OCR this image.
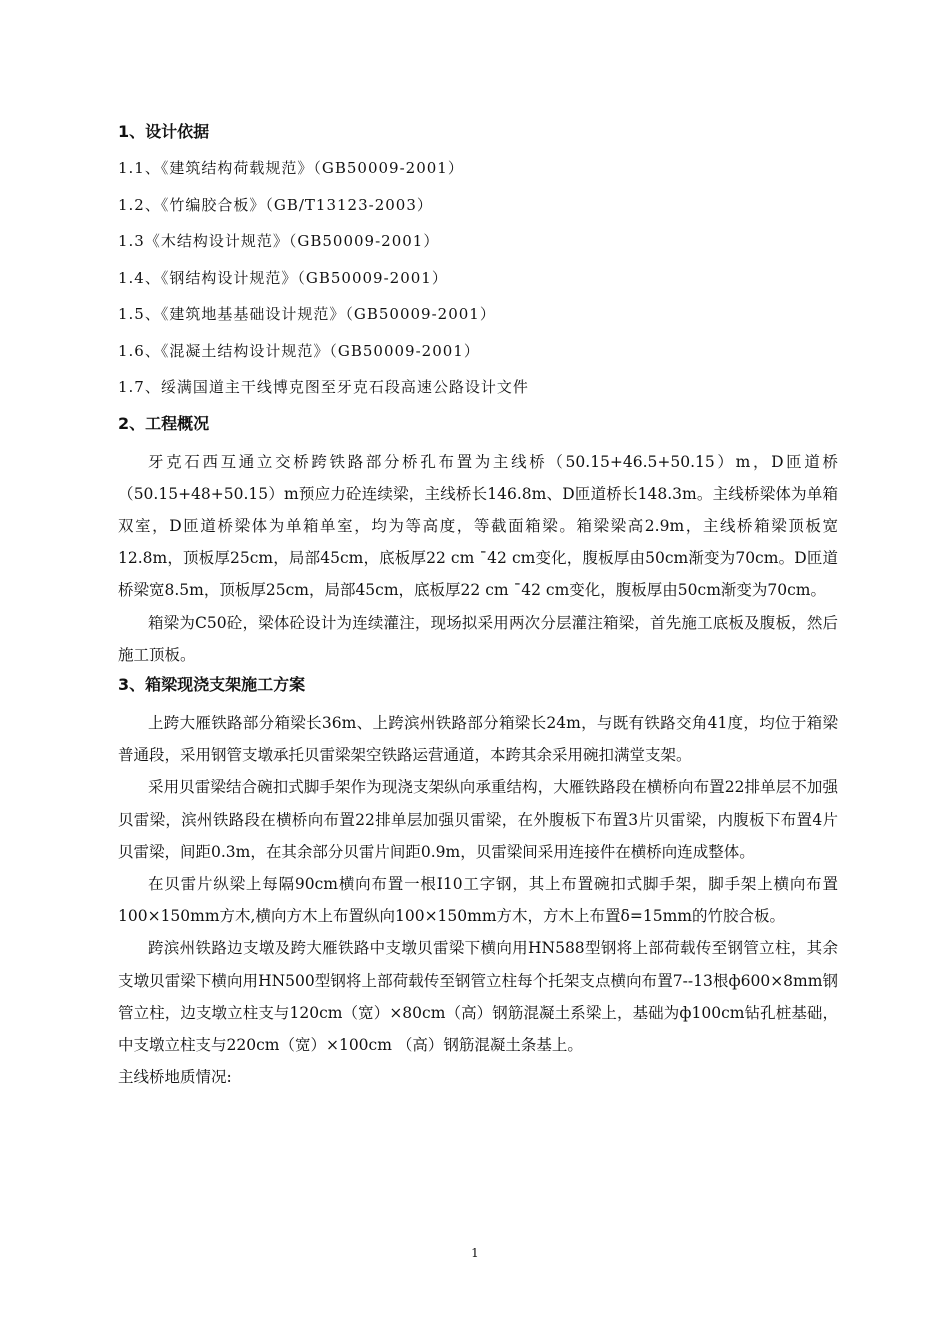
1、设计依据
1.1、《建筑结构荷载规范》（GB50009-2001）
1.2、《竹编胶合板》（GB/T13123-2003）
1.3《木结构设计规范》（GB50009-2001）
1.4、《钢结构设计规范》（GB50009-2001）
1.5、《建筑地基基础设计规范》（GB50009-2001）
1.6、《混凝土结构设计规范》（GB50009-2001）
1.7、绥满国道主干线博克图至牙克石段高速公路设计文件
2、工程概况

牙克石西互通立交桥跨铁路部分桥孔布置为主线桥（50.15+46.5+50.15）m，D匝道桥（50.15+48+50.15）m预应力砼连续梁，主线桥长146.8m、D匝道桥长148.3m。主线桥梁体为单箱双室，D匝道桥梁体为单箱单室，均为等高度，等截面箱梁。箱梁梁高2.9m，主线桥箱梁顶板宽12.8m，顶板厚25cm，局部45cm，底板厚22 cm ¯42 cm变化，腹板厚由50cm渐变为70cm。D匝道桥梁宽8.5m，顶板厚25cm，局部45cm，底板厚22 cm ¯42 cm变化，腹板厚由50cm渐变为70cm。

箱梁为C50砼，梁体砼设计为连续灌注，现场拟采用两次分层灌注箱梁，首先施工底板及腹板，然后施工顶板。

3、箱梁现浇支架施工方案

上跨大雁铁路部分箱梁长36m、上跨滨州铁路部分箱梁长24m，与既有铁路交角41度，均位于箱梁普通段，采用钢管支墩承托贝雷梁架空铁路运营通道，本跨其余采用碗扣满堂支架。

采用贝雷梁结合碗扣式脚手架作为现浇支架纵向承重结构，大雁铁路段在横桥向布置22排单层不加强贝雷梁，滨州铁路段在横桥向布置22排单层加强贝雷梁，在外腹板下布置3片贝雷梁，内腹板下布置4片贝雷梁，间距0.3m，在其余部分贝雷片间距0.9m，贝雷梁间采用连接件在横桥向连成整体。

在贝雷片纵梁上每隔90cm横向布置一根I10工字钢，其上布置碗扣式脚手架，脚手架上横向布置100×150mm方木,横向方木上布置纵向100×150mm方木，方木上布置δ=15mm的竹胶合板。

跨滨州铁路边支墩及跨大雁铁路中支墩贝雷梁下横向用HN588型钢将上部荷载传至钢管立柱，其余支墩贝雷梁下横向用HN500型钢将上部荷载传至钢管立柱每个托架支点横向布置7--13根ф600×8mm钢管立柱，边支墩立柱支与120cm（宽）×80cm（高）钢筋混凝土系梁上，基础为ф100cm钻孔桩基础，中支墩立柱支与220cm（宽）×100cm （高）钢筋混凝土条基上。

主线桥地质情况:

1
